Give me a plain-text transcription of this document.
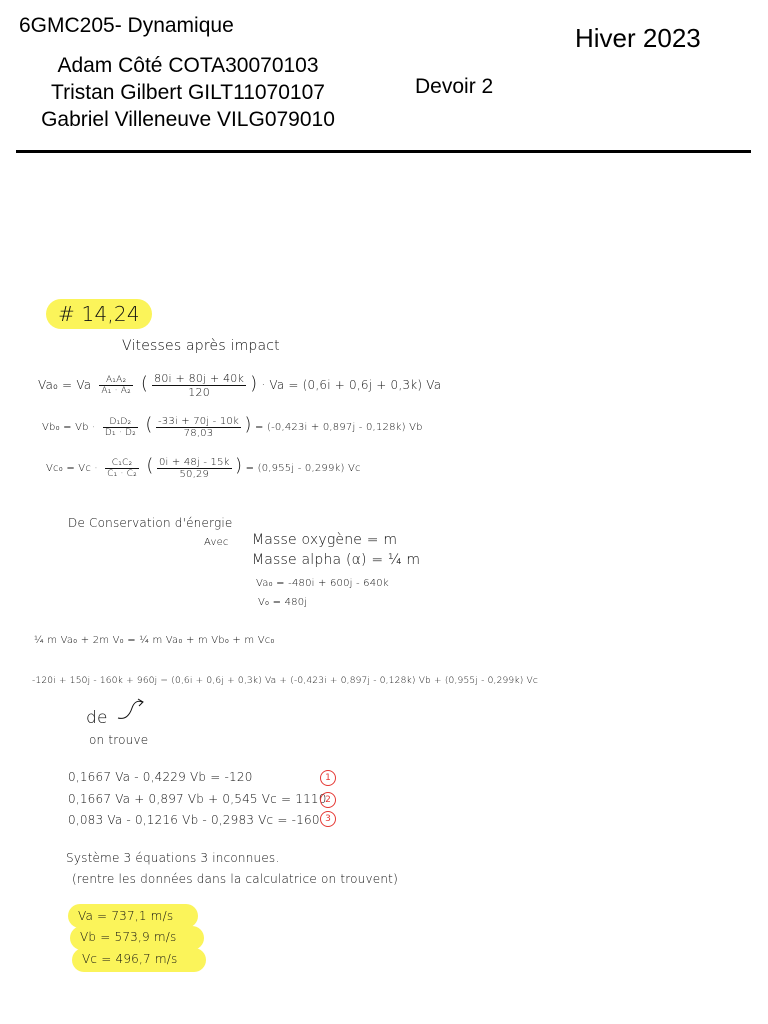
6GMC205- Dynamique	Hiver 2023
Adam Côté COTA30070103
Tristan Gilbert GILT11070107
Gabriel Villeneuve VILG079010
Devoir 2
# 14,24
Vitesses après impact
Va₀ = Va $\frac{\text{A₁A₂}}{\text{A₁ · A₂}}$ ( $\frac{80i + 80j + 40k}{120}$ ) · Va = (0,6i + 0,6j + 0,3k) Va
$Vb_0 = Vb \cdot \frac{\text{D₁D₂}}{\text{D₁ · D₂}}$ ( $\frac{-33i + 70j - 10k}{78,03}$ ) = (-0,423i + 0,897j - 0,128k) Vb
$Vc_0 = Vc \cdot \frac{\text{C₁C₂}}{\text{C₁ · C₂}}$ ( $\frac{0i + 48j - 15k}{50,29}$ ) = (0,955j - 0,299k) Vc
De Conservation d'énergie
Avec Masse oxygène = m
Masse alpha (α) = ¼ m
Va₀ = -480i + 600j - 640k
V₀ = 480j
¼ m Va₀ + 2m V₀ = ¼ m Va₀ + m Vb₀ + m Vc₀
-120i + 150j - 160k + 960j = (0,6i + 0,6j + 0,3k) Va + (-0,423i + 0,897j - 0,128k) Vb + (0,955j - 0,299k) Vc
de
on trouve
0,1667 Va - 0,4229 Vb = -120	1
0,1667 Va + 0,897 Vb + 0,545 Vc = 1110
2
0,083 Va - 0,1216 Vb - 0,2983 Vc = -160 3
Système 3 équations 3 inconnues.
(rentre les données dans la calculatrice on trouvent)
Va = 737,1 m/s
Vb = 573,9 m/s
Vc = 496,7 m/s
